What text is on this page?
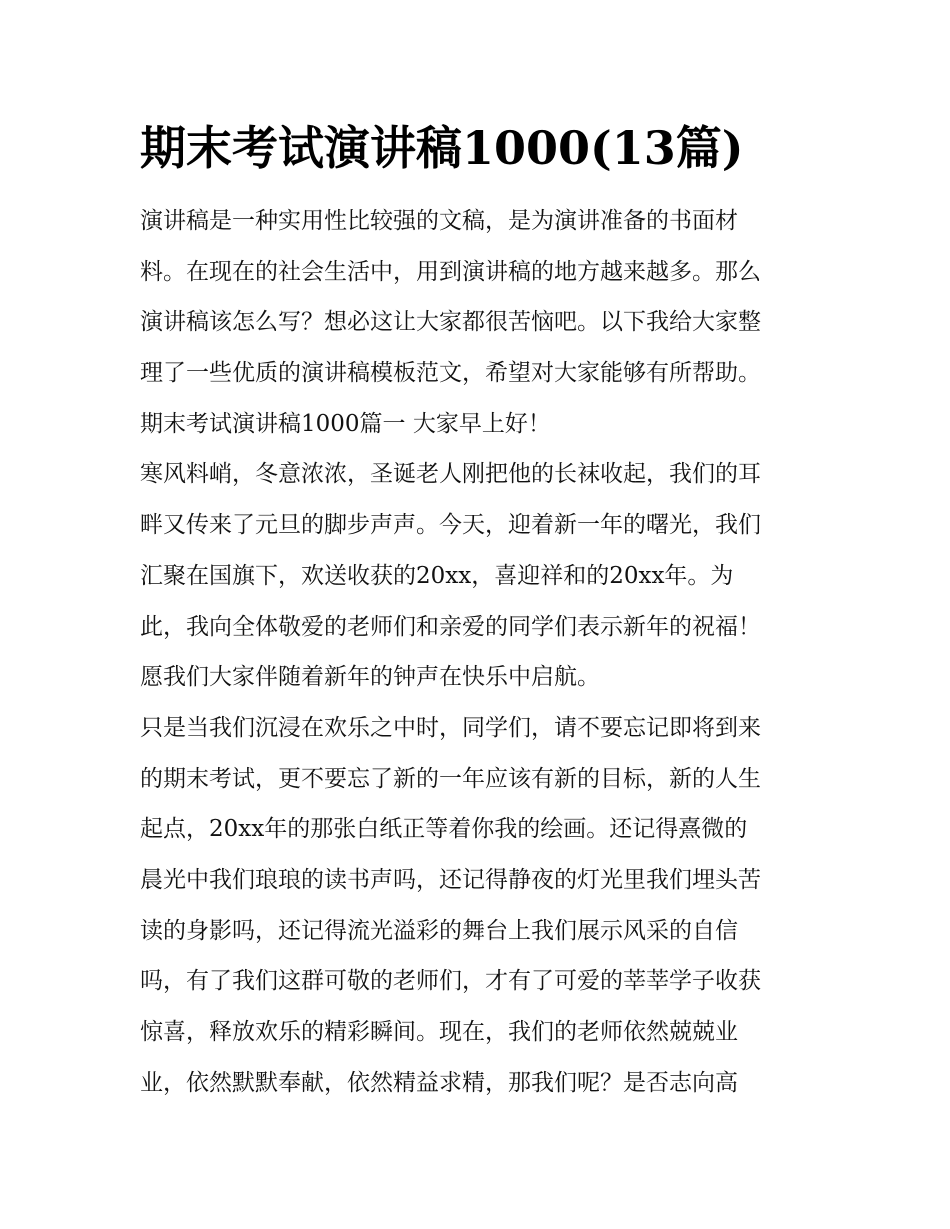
期末考试演讲稿1000(13篇)
演讲稿是一种实用性比较强的文稿，是为演讲准备的书面材
料。在现在的社会生活中，用到演讲稿的地方越来越多。那么
演讲稿该怎么写？想必这让大家都很苦恼吧。以下我给大家整
理了一些优质的演讲稿模板范文，希望对大家能够有所帮助。
期末考试演讲稿1000篇一 大家早上好！
寒风料峭，冬意浓浓，圣诞老人刚把他的长袜收起，我们的耳
畔又传来了元旦的脚步声声。今天，迎着新一年的曙光，我们
汇聚在国旗下，欢送收获的20xx，喜迎祥和的20xx年。为
此，我向全体敬爱的老师们和亲爱的同学们表示新年的祝福！
愿我们大家伴随着新年的钟声在快乐中启航。
只是当我们沉浸在欢乐之中时，同学们，请不要忘记即将到来
的期末考试，更不要忘了新的一年应该有新的目标，新的人生
起点，20xx年的那张白纸正等着你我的绘画。还记得熹微的
晨光中我们琅琅的读书声吗，还记得静夜的灯光里我们埋头苦
读的身影吗，还记得流光溢彩的舞台上我们展示风采的自信
吗，有了我们这群可敬的老师们，才有了可爱的莘莘学子收获
惊喜，释放欢乐的精彩瞬间。现在，我们的老师依然兢兢业
业，依然默默奉献，依然精益求精，那我们呢？是否志向高
